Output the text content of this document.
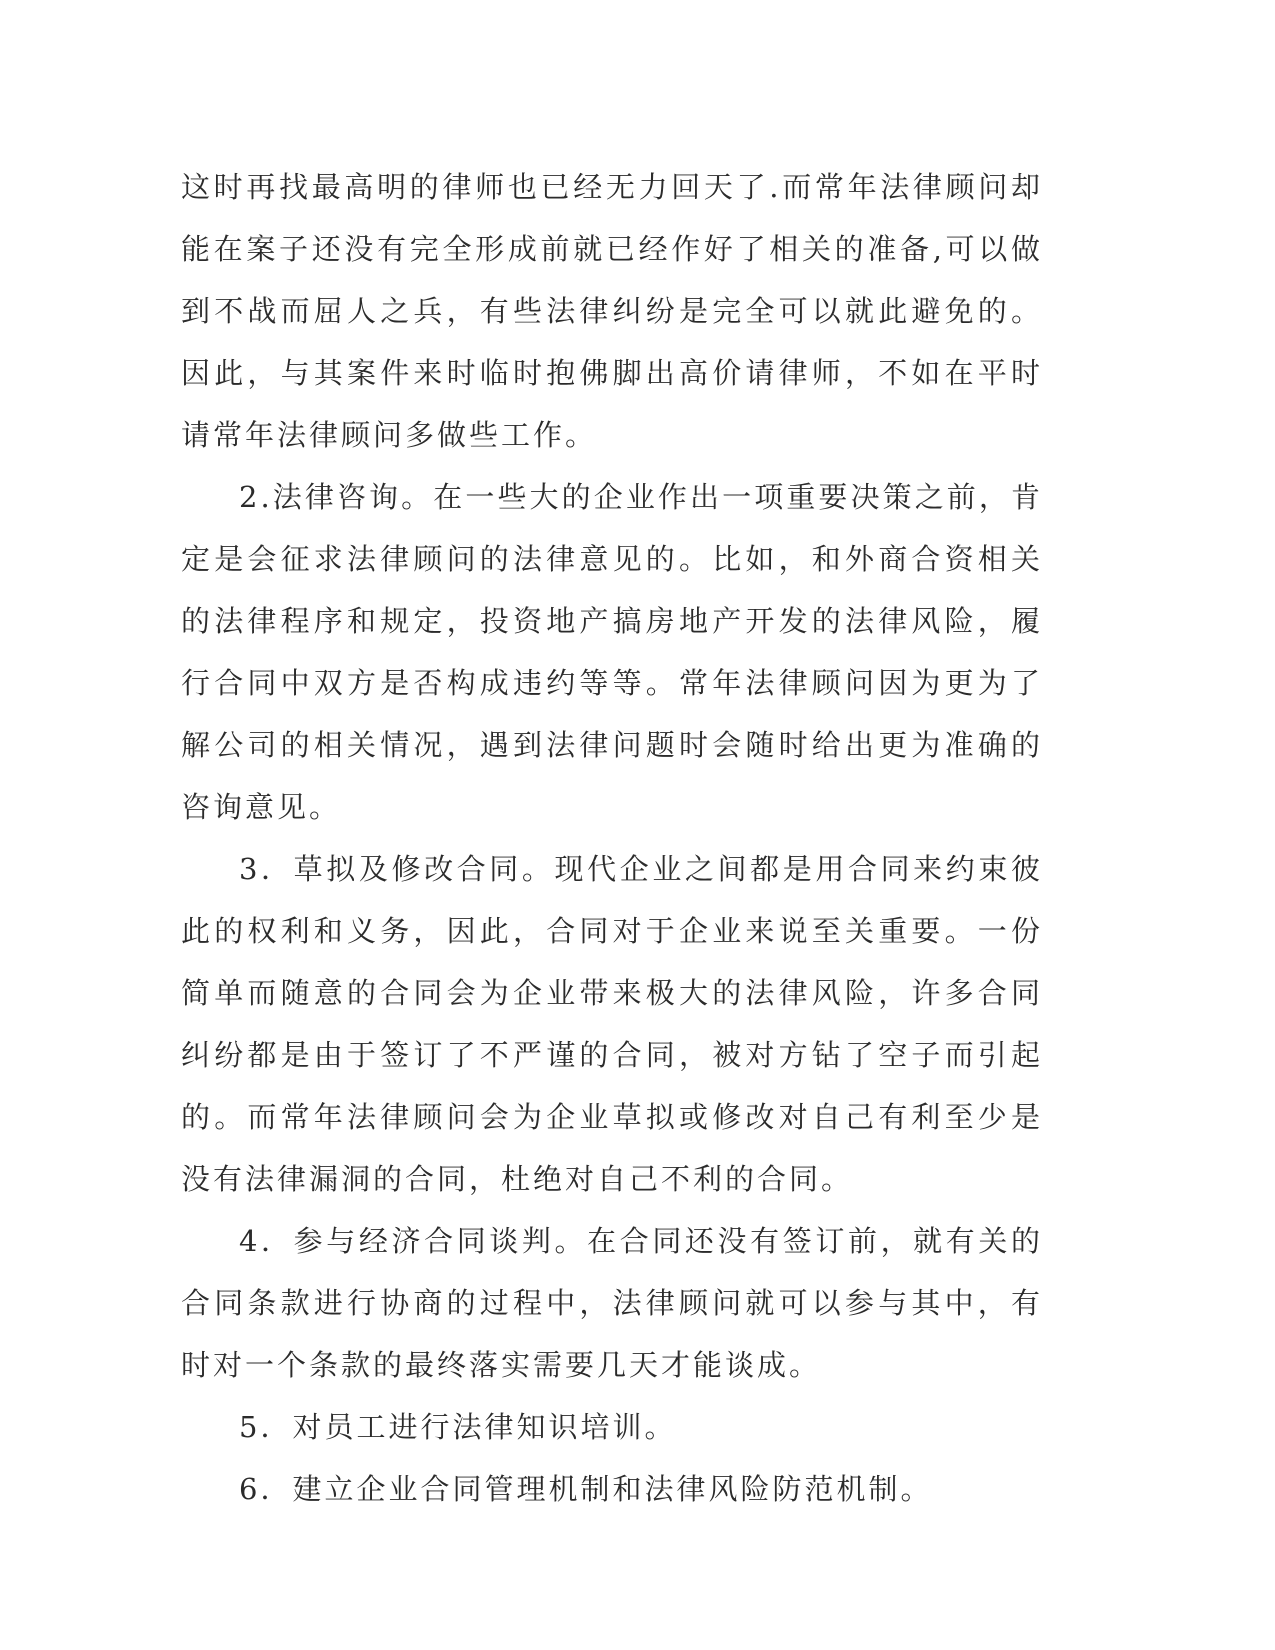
这时再找最高明的律师也已经无力回天了.而常年法律顾问却能在案子还没有完全形成前就已经作好了相关的准备,可以做到不战而屈人之兵，有些法律纠纷是完全可以就此避免的。因此，与其案件来时临时抱佛脚出高价请律师，不如在平时请常年法律顾问多做些工作。

2.法律咨询。在一些大的企业作出一项重要决策之前，肯定是会征求法律顾问的法律意见的。比如，和外商合资相关的法律程序和规定，投资地产搞房地产开发的法律风险，履行合同中双方是否构成违约等等。常年法律顾问因为更为了解公司的相关情况，遇到法律问题时会随时给出更为准确的咨询意见。

3．草拟及修改合同。现代企业之间都是用合同来约束彼此的权利和义务，因此，合同对于企业来说至关重要。一份简单而随意的合同会为企业带来极大的法律风险，许多合同纠纷都是由于签订了不严谨的合同，被对方钻了空子而引起的。而常年法律顾问会为企业草拟或修改对自己有利至少是没有法律漏洞的合同，杜绝对自己不利的合同。

4．参与经济合同谈判。在合同还没有签订前，就有关的合同条款进行协商的过程中，法律顾问就可以参与其中，有时对一个条款的最终落实需要几天才能谈成。

5．对员工进行法律知识培训。

6．建立企业合同管理机制和法律风险防范机制。
